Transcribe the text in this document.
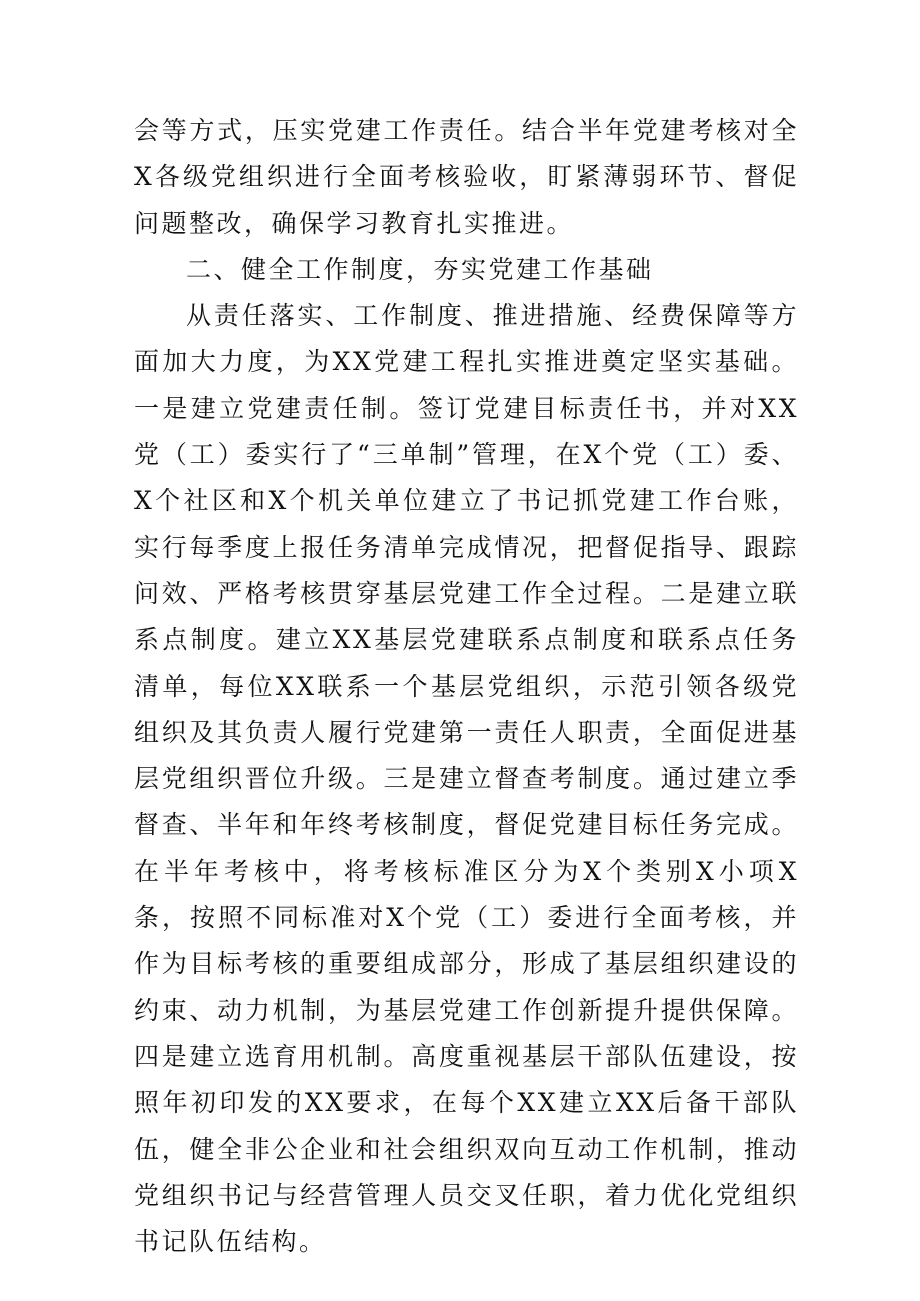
会等方式，压实党建工作责任。结合半年党建考核对全X各级党组织进行全面考核验收，盯紧薄弱环节、督促问题整改，确保学习教育扎实推进。

二、健全工作制度，夯实党建工作基础

从责任落实、工作制度、推进措施、经费保障等方面加大力度，为XX党建工程扎实推进奠定坚实基础。一是建立党建责任制。签订党建目标责任书，并对XX党（工）委实行了“三单制”管理，在X个党（工）委、X个社区和X个机关单位建立了书记抓党建工作台账，实行每季度上报任务清单完成情况，把督促指导、跟踪问效、严格考核贯穿基层党建工作全过程。二是建立联系点制度。建立XX基层党建联系点制度和联系点任务清单，每位XX联系一个基层党组织，示范引领各级党组织及其负责人履行党建第一责任人职责，全面促进基层党组织晋位升级。三是建立督查考制度。通过建立季督查、半年和年终考核制度，督促党建目标任务完成。在半年考核中，将考核标准区分为X个类别X小项X条，按照不同标准对X个党（工）委进行全面考核，并作为目标考核的重要组成部分，形成了基层组织建设的约束、动力机制，为基层党建工作创新提升提供保障。四是建立选育用机制。高度重视基层干部队伍建设，按照年初印发的XX要求，在每个XX建立XX后备干部队伍，健全非公企业和社会组织双向互动工作机制，推动党组织书记与经营管理人员交叉任职，着力优化党组织书记队伍结构。
